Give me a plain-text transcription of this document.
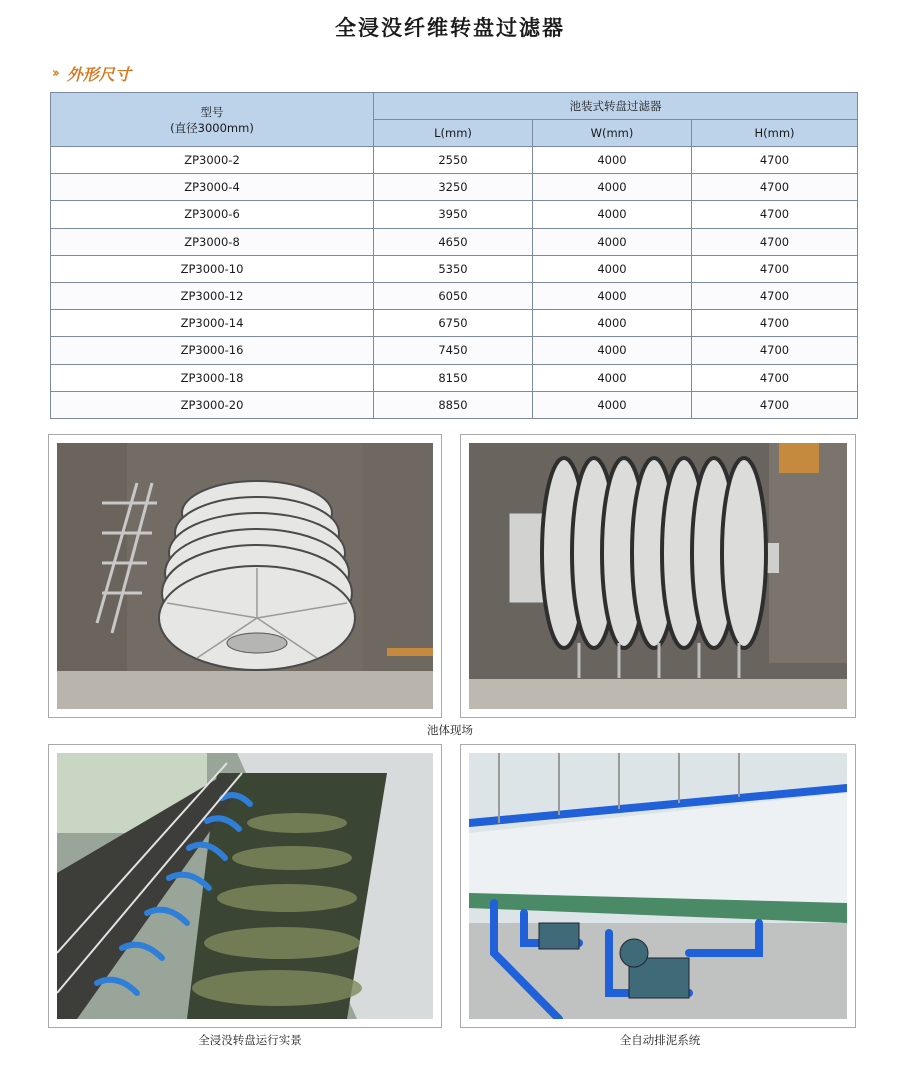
全浸没纤维转盘过滤器
›› 外形尺寸
型号
(直径3000mm)	池装式转盘过滤器		
	L(mm)	W(mm)	H(mm)
ZP3000-2	2550	4000	4700
ZP3000-4	3250	4000	4700
ZP3000-6	3950	4000	4700
ZP3000-8	4650	4000	4700
ZP3000-10	5350	4000	4700
ZP3000-12	6050	4000	4700
ZP3000-14	6750	4000	4700
ZP3000-16	7450	4000	4700
ZP3000-18	8150	4000	4700
ZP3000-20	8850	4000	4700
池体现场
全浸没转盘运行实景	全自动排泥系统
